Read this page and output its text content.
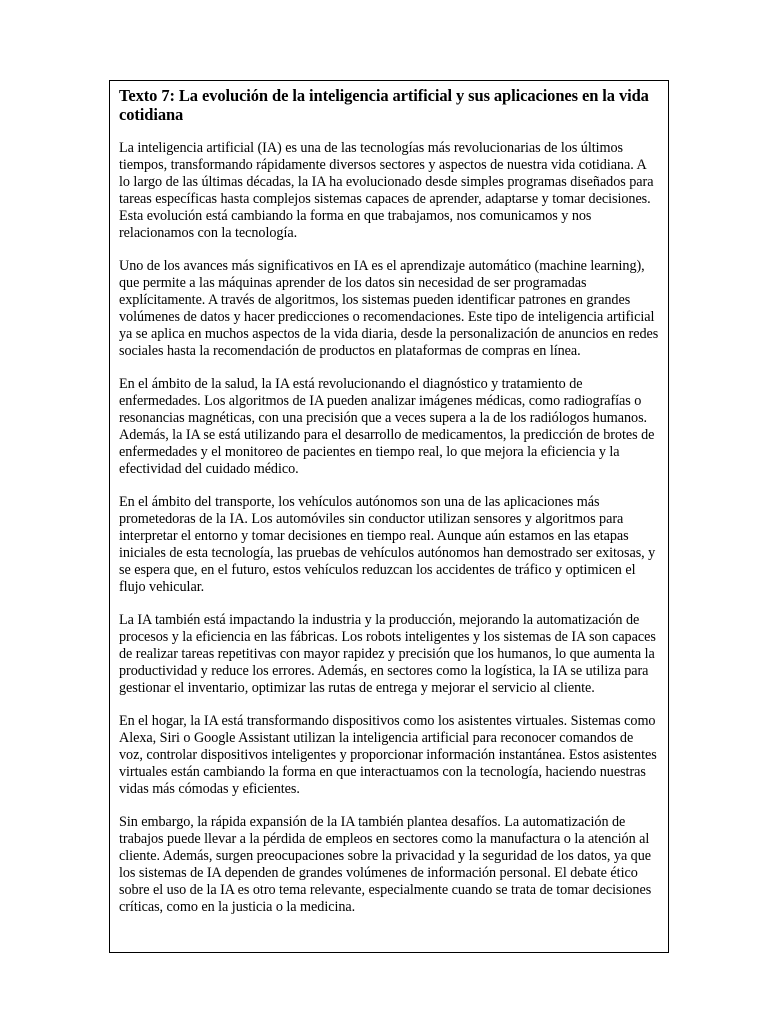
Texto 7: La evolución de la inteligencia artificial y sus aplicaciones en la vida cotidiana

La inteligencia artificial (IA) es una de las tecnologías más revolucionarias de los últimos tiempos, transformando rápidamente diversos sectores y aspectos de nuestra vida cotidiana. A lo largo de las últimas décadas, la IA ha evolucionado desde simples programas diseñados para tareas específicas hasta complejos sistemas capaces de aprender, adaptarse y tomar decisiones. Esta evolución está cambiando la forma en que trabajamos, nos comunicamos y nos relacionamos con la tecnología.

Uno de los avances más significativos en IA es el aprendizaje automático (machine learning), que permite a las máquinas aprender de los datos sin necesidad de ser programadas explícitamente. A través de algoritmos, los sistemas pueden identificar patrones en grandes volúmenes de datos y hacer predicciones o recomendaciones. Este tipo de inteligencia artificial ya se aplica en muchos aspectos de la vida diaria, desde la personalización de anuncios en redes sociales hasta la recomendación de productos en plataformas de compras en línea.

En el ámbito de la salud, la IA está revolucionando el diagnóstico y tratamiento de enfermedades. Los algoritmos de IA pueden analizar imágenes médicas, como radiografías o resonancias magnéticas, con una precisión que a veces supera a la de los radiólogos humanos. Además, la IA se está utilizando para el desarrollo de medicamentos, la predicción de brotes de enfermedades y el monitoreo de pacientes en tiempo real, lo que mejora la eficiencia y la efectividad del cuidado médico.

En el ámbito del transporte, los vehículos autónomos son una de las aplicaciones más prometedoras de la IA. Los automóviles sin conductor utilizan sensores y algoritmos para interpretar el entorno y tomar decisiones en tiempo real. Aunque aún estamos en las etapas iniciales de esta tecnología, las pruebas de vehículos autónomos han demostrado ser exitosas, y se espera que, en el futuro, estos vehículos reduzcan los accidentes de tráfico y optimicen el flujo vehicular.

La IA también está impactando la industria y la producción, mejorando la automatización de procesos y la eficiencia en las fábricas. Los robots inteligentes y los sistemas de IA son capaces de realizar tareas repetitivas con mayor rapidez y precisión que los humanos, lo que aumenta la productividad y reduce los errores. Además, en sectores como la logística, la IA se utiliza para gestionar el inventario, optimizar las rutas de entrega y mejorar el servicio al cliente.

En el hogar, la IA está transformando dispositivos como los asistentes virtuales. Sistemas como Alexa, Siri o Google Assistant utilizan la inteligencia artificial para reconocer comandos de voz, controlar dispositivos inteligentes y proporcionar información instantánea. Estos asistentes virtuales están cambiando la forma en que interactuamos con la tecnología, haciendo nuestras vidas más cómodas y eficientes.

Sin embargo, la rápida expansión de la IA también plantea desafíos. La automatización de trabajos puede llevar a la pérdida de empleos en sectores como la manufactura o la atención al cliente. Además, surgen preocupaciones sobre la privacidad y la seguridad de los datos, ya que los sistemas de IA dependen de grandes volúmenes de información personal. El debate ético sobre el uso de la IA es otro tema relevante, especialmente cuando se trata de tomar decisiones críticas, como en la justicia o la medicina.
